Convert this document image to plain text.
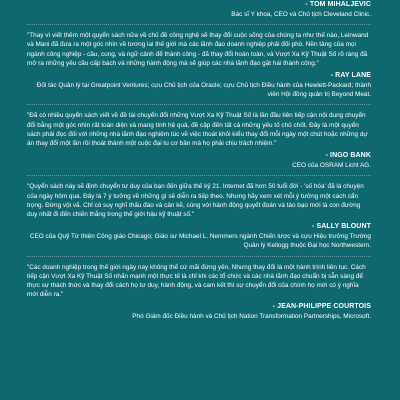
- TOM MIHALJEVIC
Bác sĩ Y khoa, CEO và Chủ tịch Cleveland Clinic.

"Thay vì viết thêm một quyển sách nữa về chủ đề công nghệ sẽ thay đổi cuộc sống của chúng ta như thế nào, Leinwand và Mani đã đưa ra một góc nhìn về tương lai thế giới mà các lãnh đạo doanh nghiệp phải đối phó. Nền tảng của mọi ngành công nghiệp - cầu, cung, và ngữ cảnh để thành công - đã thay đổi hoàn toàn, và Vượt Xa Kỹ Thuật Số rõ ràng đã mở ra những yêu cầu cấp bách và những hành động mà sẽ giúp các nhà lãnh đạo gặt hái thành công."

- RAY LANE
Đối tác Quản lý tại Greatpoint Ventures; cựu Chủ tịch của Oracle; cựu Chủ tịch Điều hành của Hewlett-Packard; thành viên Hội đồng quản trị Beyond Meat.

"Đã có nhiều quyển sách viết về đề tài chuyển đổi những Vượt Xa Kỹ Thuật Số là lần đầu tiên tiếp cận nội dung chuyển đổi bằng một góc nhìn rất toàn diện và mang tính hệ quả, đề cập đến tất cả những yếu tố chủ chốt. Đây là một quyển sách phải đọc đối với những nhà lãnh đạo nghiêm túc về việc thoát khỏi kiểu thay đổi mỗi ngày một chút hoặc những dự án thay đổi một lần rồi thoát thành một cuộc đại tu cơ bản mà họ phải chịu trách nhiệm."

- INGO BANK
CEO của OSRAM Licht AG.

"Quyển sách này sẽ định chuyển tư duy của bạn đến giữa thế kỷ 21. Internet đã hơn 50 tuổi đời - 'số hóa' đã là chuyện của ngày hôm qua. Đây là 7 ý tưởng về những gì sẽ diễn ra tiếp theo. Nhưng hãy xem xét mỗi ý tưởng một cách cẩn trọng. Đừng vội vã. Chỉ có suy nghĩ thấu đáo và cân kẽ, cùng với hành động quyết đoán và táo bạo mới là con đường duy nhất đi đến chiến thắng trong thế giới hậu kỹ thuật số."

- SALLY BLOUNT
CEO của Quỹ Từ thiện Công giáo Chicago; Giáo sư Michael L. Nemmers ngành Chiến lược và cựu Hiệu trưởng Trường Quản lý Kellogg thuộc Đại học Northwestern.

"Các doanh nghiệp trong thế giới ngày nay không thể cứ mãi đứng yên. Nhưng thay đổi là một hành trình liên tục. Cách tiếp cận Vượt Xa Kỹ Thuật Số nhấn mạnh một thực tế là chỉ khi các tổ chức và các nhà lãnh đạo chuẩn bị sẵn sàng để thực sự thách thức và thay đổi cách họ tư duy, hành động, và cam kết thì sự chuyển đổi của chính họ mới có ý nghĩa mới diễn ra."

- JEAN-PHILIPPE COURTOIS
Phó Giám đốc Điều hành và Chủ tịch Nation Transformation Partnerships, Microsoft.
